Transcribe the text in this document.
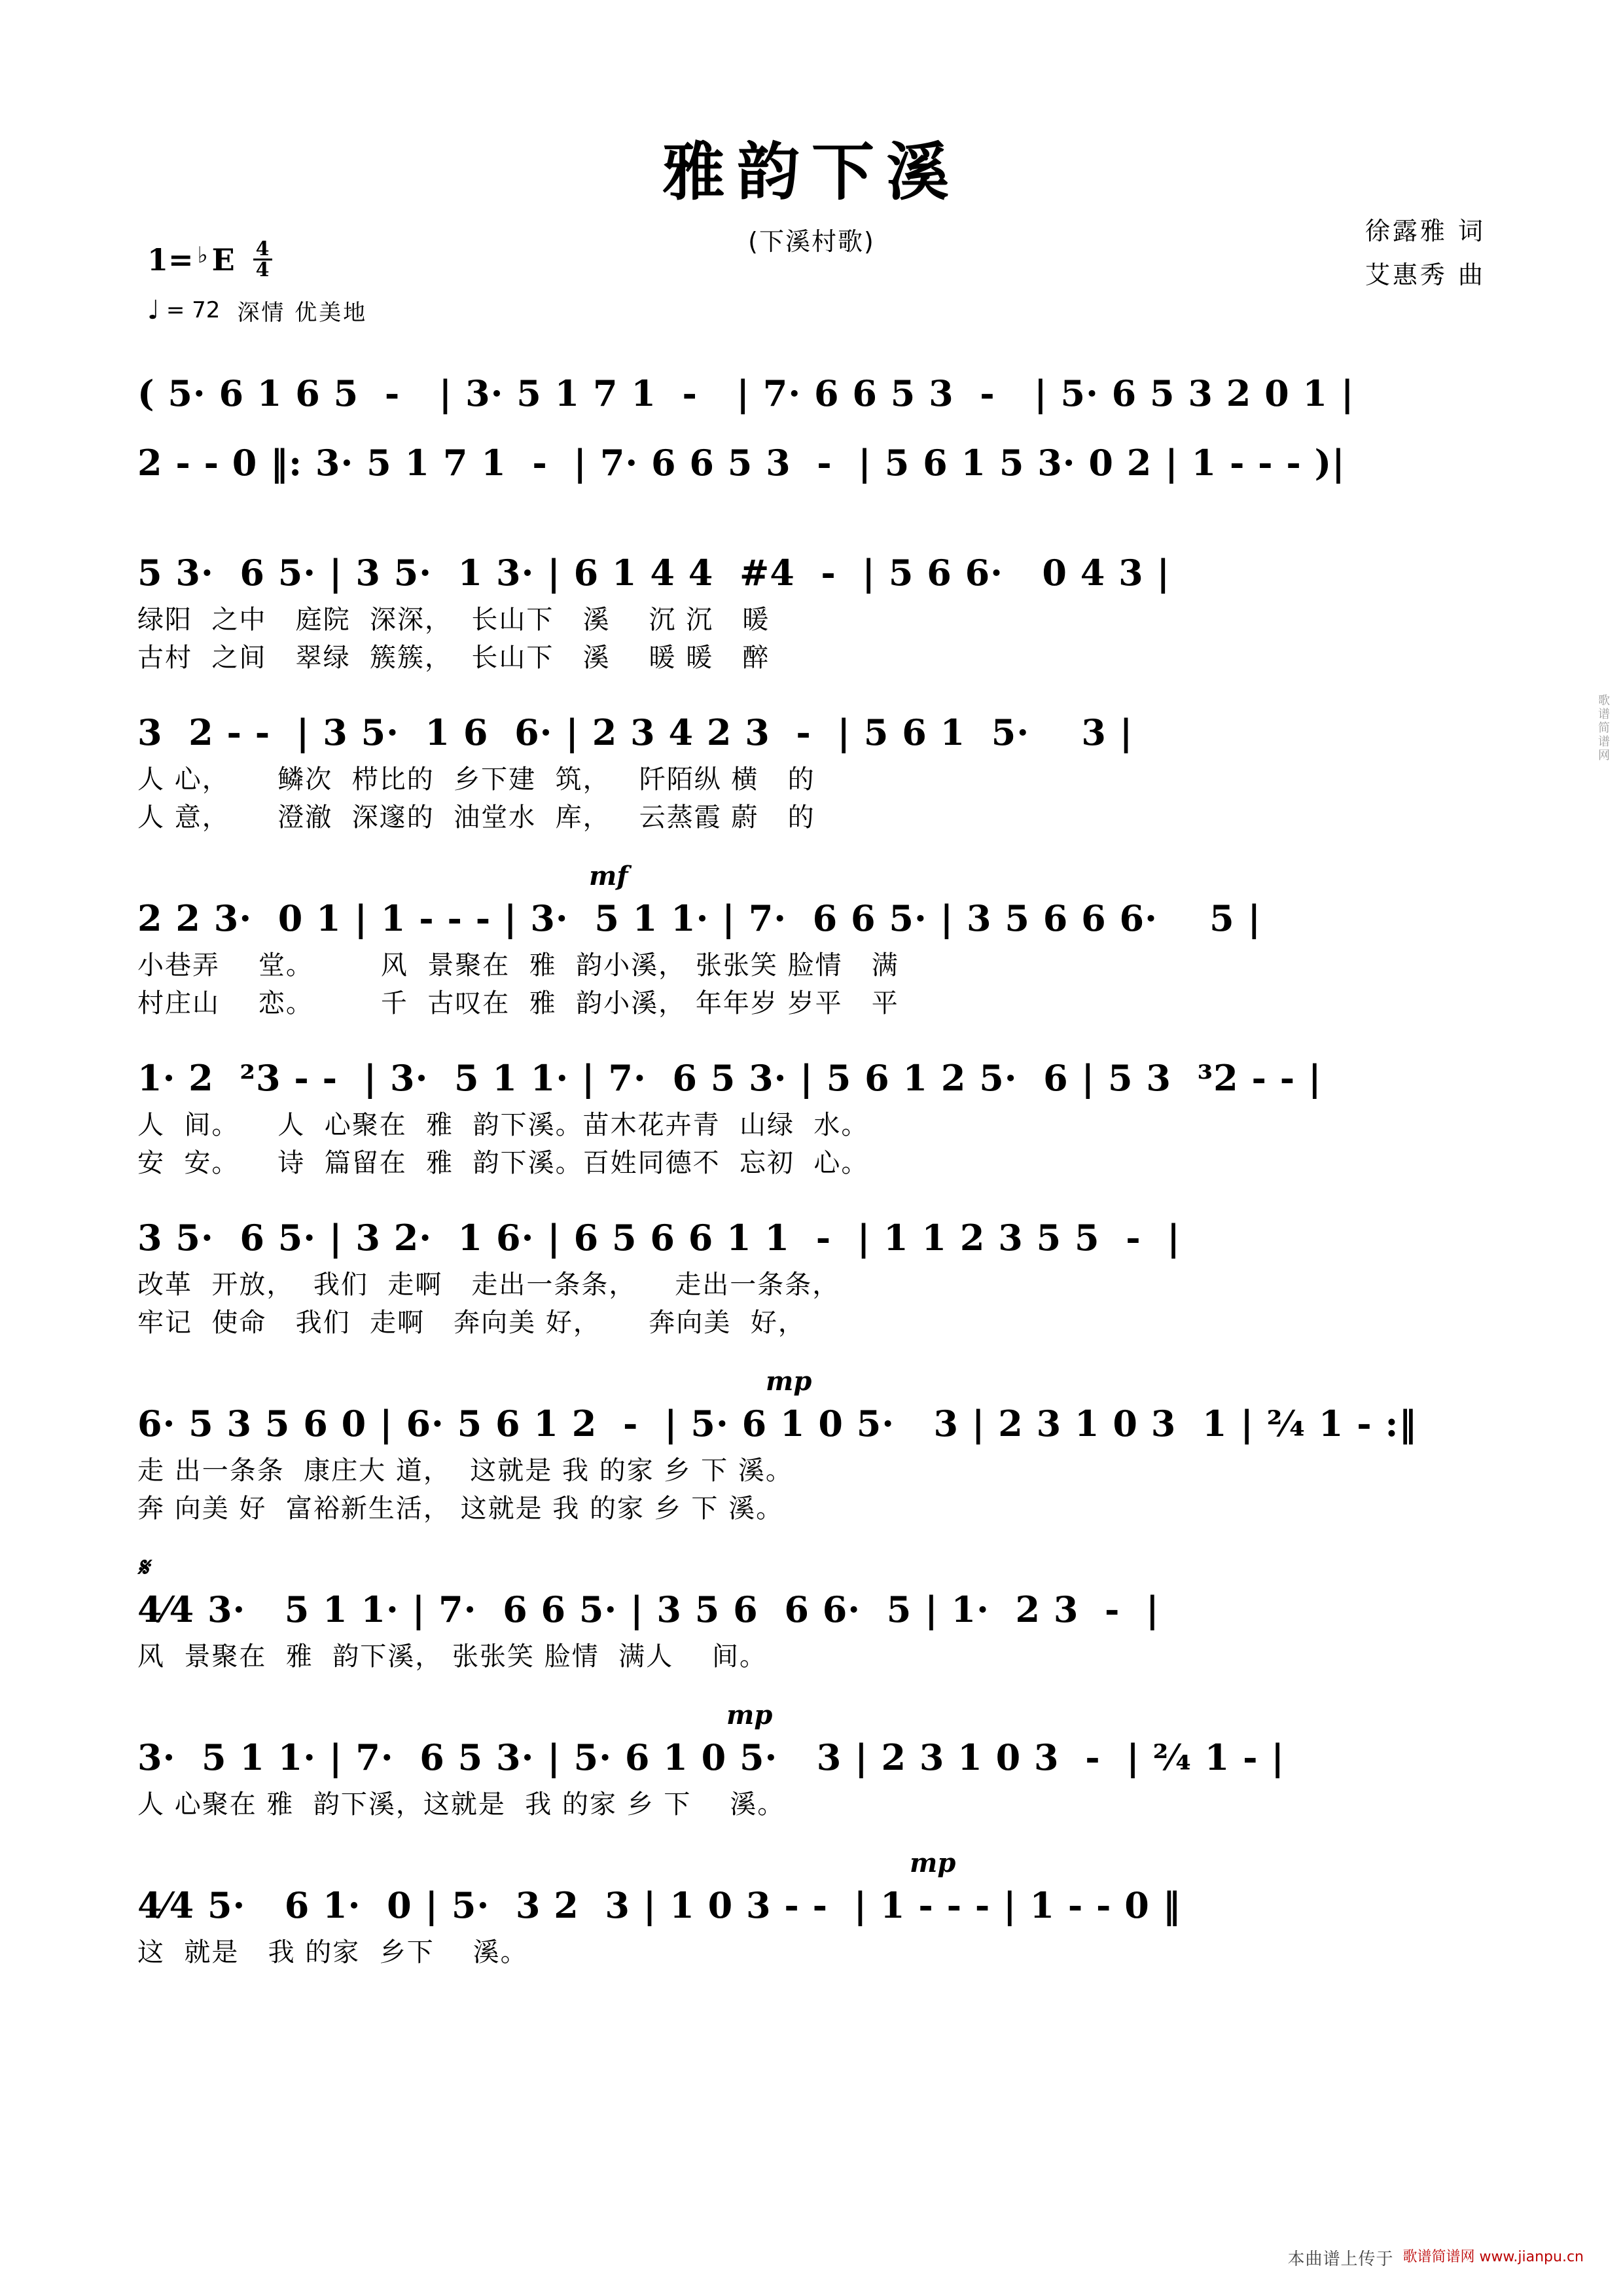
雅韵下溪
(下溪村歌)	徐露雅 词
艾惠秀 曲
1= ♭ E $\frac{4}{4}$
♩ = 72 深情 优美地
( 5· 6 1 6 5  -   | 3· 5 1 7 1  -   | 7· 6 6 5 3  -   | 5· 6 5 3 2 0 1 |
2 - - 0 ‖: 3· 5 1 7 1  -  | 7· 6 6 5 3  -  | 5 6 1 5 3· 0 2 | 1 - - - )|
5 3·  6 5· | 3 5·  1 3· | 6 1 4 4  #4  -  | 5 6 6·   0 4 3 |
绿阳  之中   庭院  深深，  长山下   溪    沉 沉   暖
古村  之间   翠绿  簇簇，  长山下   溪    暖 暖   醉
3  2 - -  | 3 5·  1 6  6· | 2 3 4 2 3  -  | 5 6 1  5·    3 |
人 心，     鳞次  栉比的  乡下建  筑，   阡陌纵 横   的
人 意，     澄澈  深邃的  油堂水  库，   云蒸霞 蔚   的
mf
2 2 3·  0 1 | 1 - - - | 3·  5 1 1· | 7·  6 6 5· | 3 5 6 6 6·    5 |
小巷弄    堂。       风  景聚在  雅  韵小溪， 张张笑 脸情   满
村庄山    恋。       千  古叹在  雅  韵小溪， 年年岁 岁平   平
1· 2  ²3 - -  | 3·  5 1 1· | 7·  6 5 3· | 5 6 1 2 5·  6 | 5 3  ³2 - - |
人  间。    人  心聚在  雅  韵下溪。苗木花卉青  山绿  水。
安  安。    诗  篇留在  雅  韵下溪。百姓同德不  忘初  心。
3 5·  6 5· | 3 2·  1 6· | 6 5 6 6 1 1  -  | 1 1 2 3 5 5  -  |
改革  开放，  我们  走啊   走出一条条，    走出一条条，
牢记  使命   我们  走啊   奔向美 好，     奔向美  好，
mp
6· 5 3 5 6 0 | 6· 5 6 1 2  -  | 5· 6 1 0 5·   3 | 2 3 1 0 3  1 | ²⁄₄ 1 - :‖
走 出一条条  康庄大 道，  这就是 我 的家 乡 下 溪。
奔 向美 好  富裕新生活， 这就是 我 的家 乡 下 溪。
𝄋
4⁄4 3·   5 1 1· | 7·  6 6 5· | 3 5 6  6 6·  5 | 1·  2 3  -  |
风  景聚在  雅  韵下溪， 张张笑 脸情  满人    间。
mp
3·  5 1 1· | 7·  6 5 3· | 5· 6 1 0 5·   3 | 2 3 1 0 3  -  | ²⁄₄ 1 - |
人 心聚在 雅  韵下溪，这就是  我 的家 乡 下    溪。
mp
4⁄4 5·   6 1·  0 | 5·  3 2  3 | 1 0 3 - -  | 1 - - - | 1 - - 0 ‖
这  就是   我 的家  乡下    溪。
歌谱简谱网
本曲谱上传于 歌谱简谱网 www.jianpu.cn
